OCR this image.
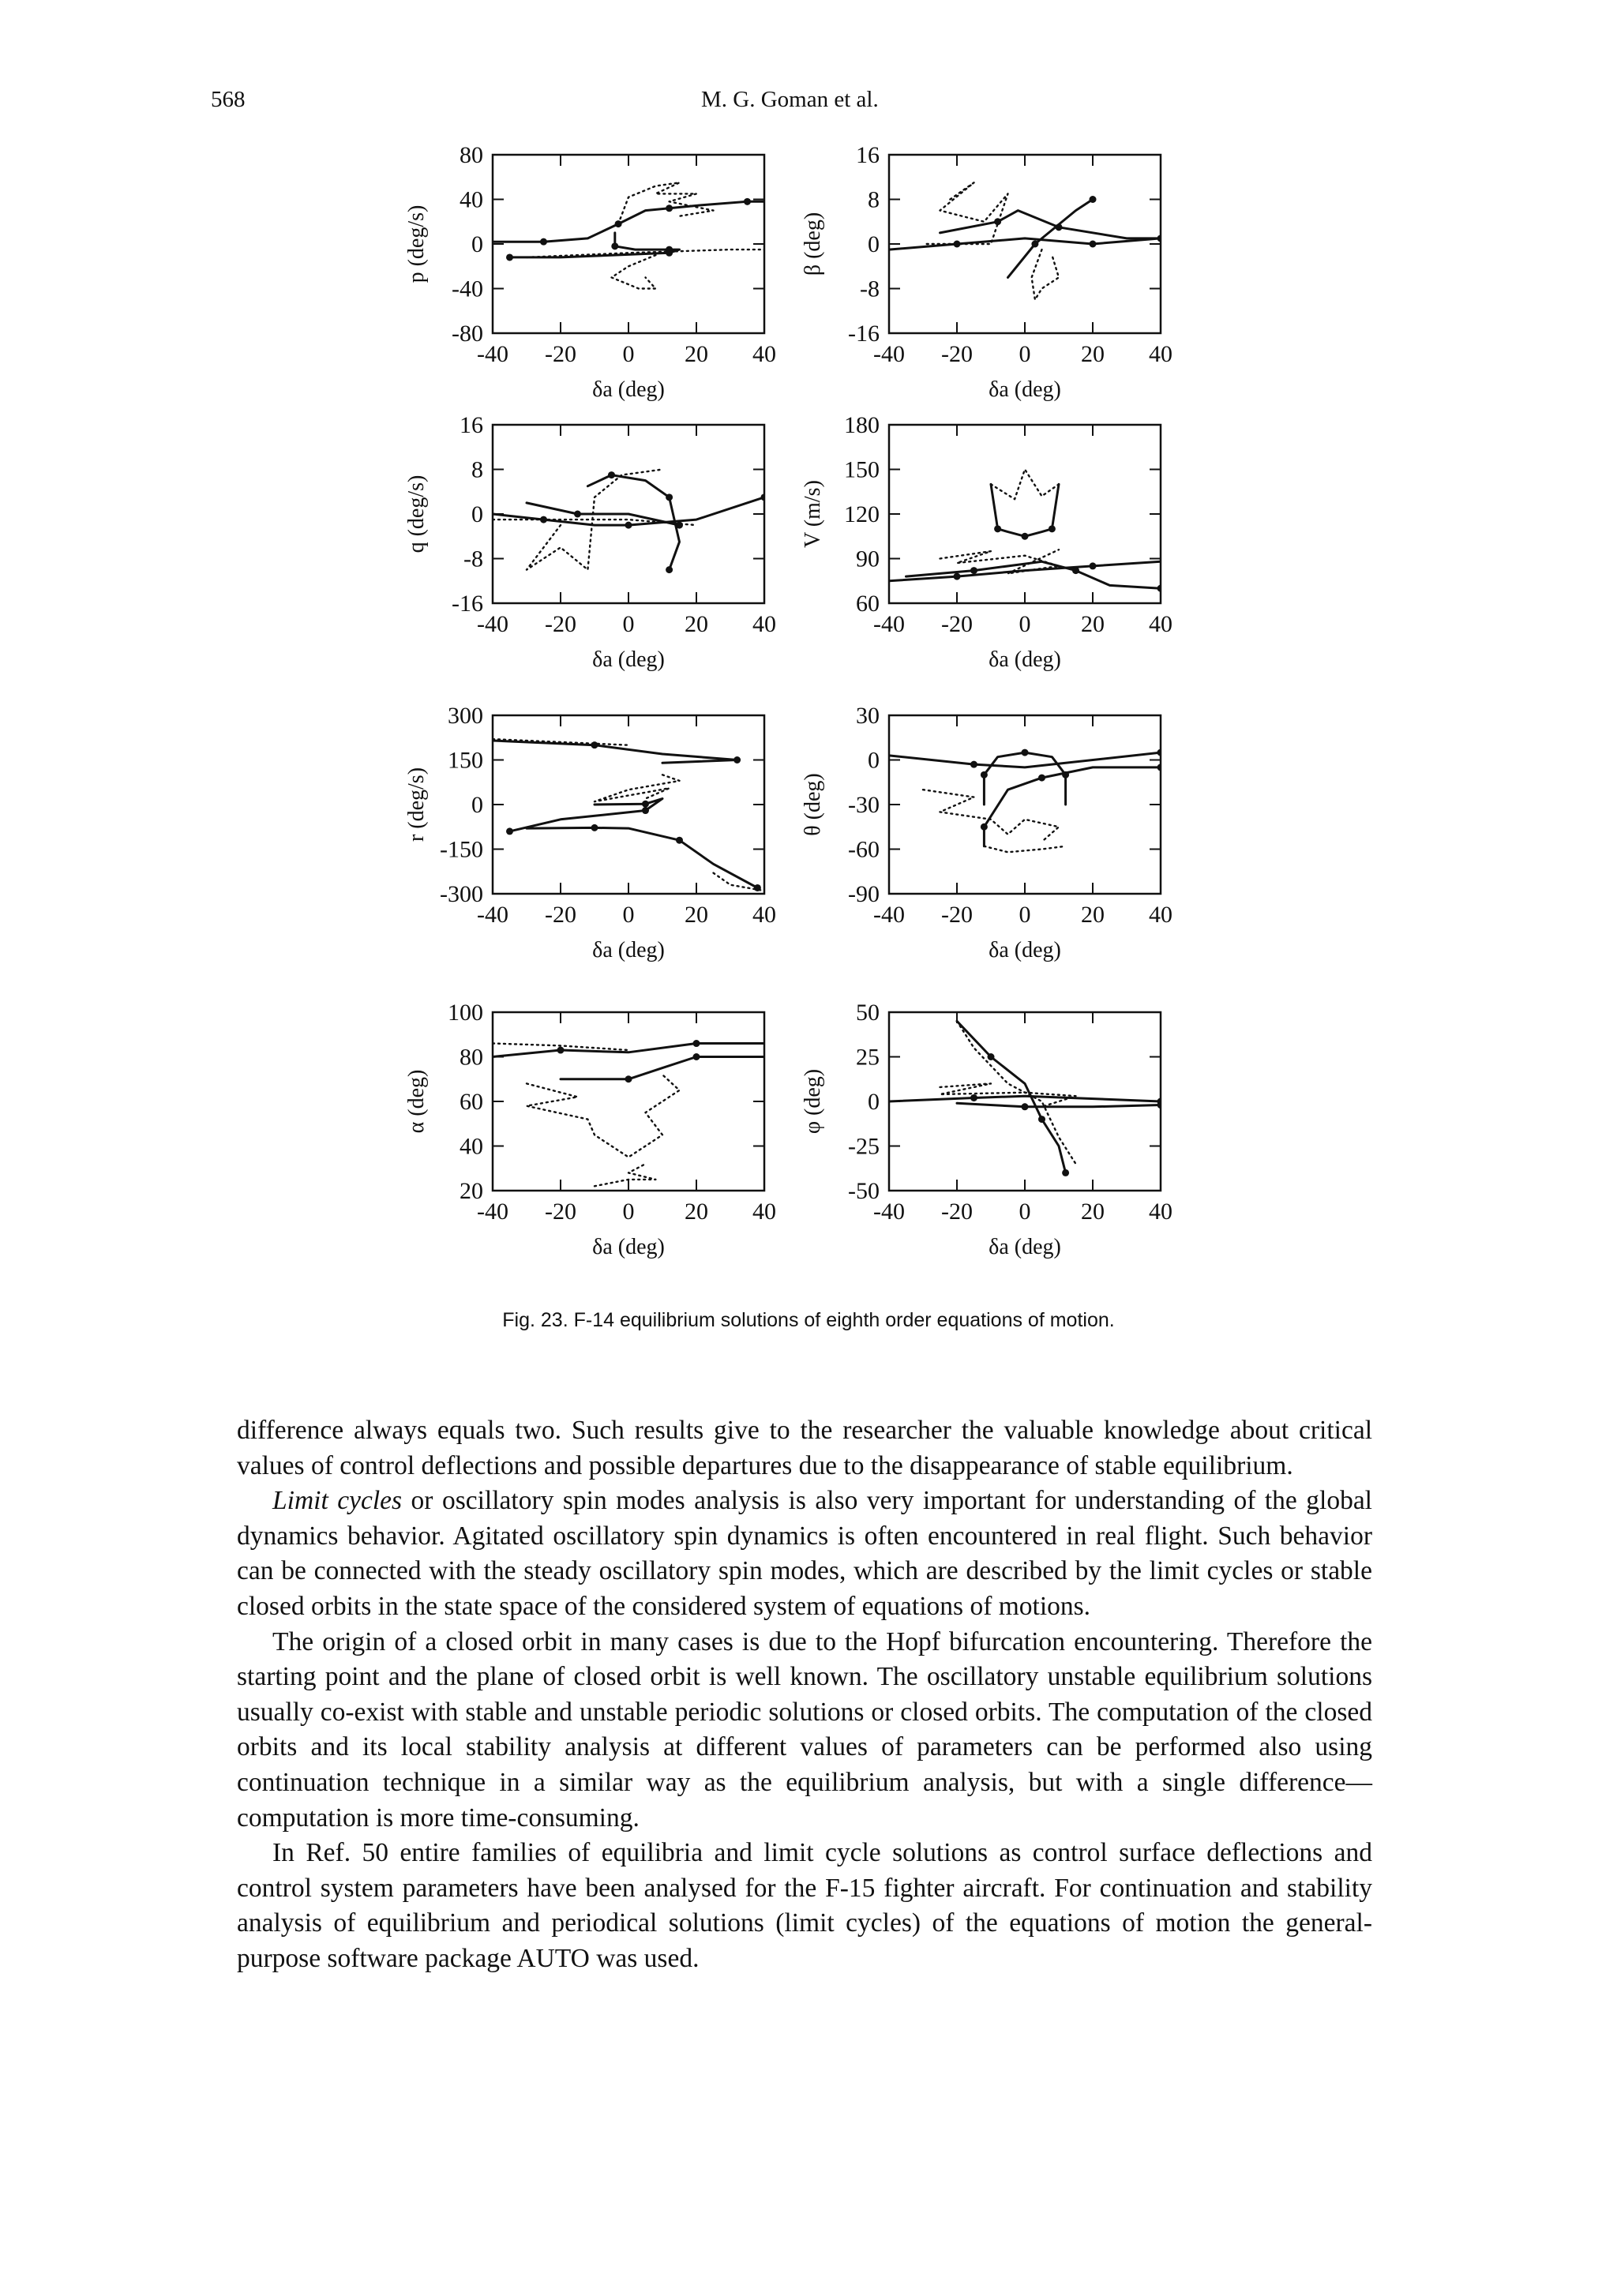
568	M. G. Goman et al.
-40 -20 0 20 40
80
40
0
-40
-80
δa (deg)
p (deg/s)
-40 -20 0 20 40
16
8
0
-8
-16
δa (deg)
β (deg)
-40 -20 0 20 40
16
8
0
-8
-16
δa (deg)
q (deg/s)
-40 -20 0 20 40
180
150
120
90
60
δa (deg)
V (m/s)
-40 -20 0 20 40
300
150
0
-150
-300
δa (deg)
r (deg/s)
-40 -20 0 20 40
30
0
-30
-60
-90
δa (deg)
θ (deg)
-40 -20 0 20 40
100
80
60
40
20
δa (deg)
α (deg)
-40 -20 0 20 40
50
25
0
-25
-50
δa (deg)
φ (deg)
Fig. 23. F-14 equilibrium solutions of eighth order equations of motion.

difference always equals two. Such results give to the researcher the valuable knowledge about critical values of control deflections and possible departures due to the disappearance of stable equilibrium.

Limit cycles or oscillatory spin modes analysis is also very important for understanding of the global dynamics behavior. Agitated oscillatory spin dynamics is often encountered in real flight. Such behavior can be connected with the steady oscillatory spin modes, which are described by the limit cycles or stable closed orbits in the state space of the considered system of equations of motions.

The origin of a closed orbit in many cases is due to the Hopf bifurcation encountering. Therefore the starting point and the plane of closed orbit is well known. The oscillatory unstable equilibrium solutions usually co-exist with stable and unstable periodic solutions or closed orbits. The computation of the closed orbits and its local stability analysis at different values of parameters can be performed also using continuation technique in a similar way as the equilibrium analysis, but with a single difference—computation is more time-consuming.

In Ref. 50 entire families of equilibria and limit cycle solutions as control surface deflections and control system parameters have been analysed for the F-15 fighter aircraft. For continuation and stability analysis of equilibrium and periodical solutions (limit cycles) of the equations of motion the general-purpose software package AUTO was used.
